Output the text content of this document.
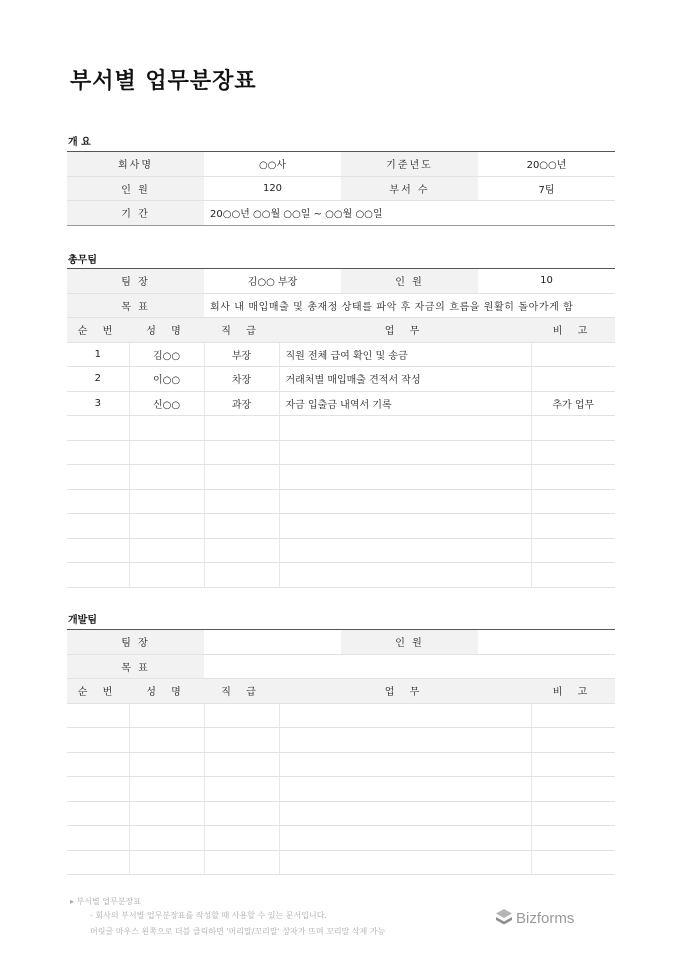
부서별 업무분장표
개 요
회사명	○○사	기준년도	20○○년
인 원	120	부서 수	7팀
기 간	20○○년 ○○월 ○○일 ~ ○○월 ○○일		
총무팀
팀 장		김○○ 부장		인 원	10	
목 표		회사 내 매입매출 및 총재정 상태를 파악 후 자금의 흐름을 원활히 돌아가게 함				
순 번	성 명	직 급	업 무			비 고
1	김○○	부장	직원 전체 급여 확인 및 송금			
2	이○○	차장	거래처별 매입매출 견적서 작성			
3	신○○	과장	자금 입출금 내역서 기록			추가 업무

개발팀
팀 장				인 원		
목 표						
순 번	성 명	직 급	업 무			비 고

▸ 부서별 업무분장표
- 회사의 부서별 업무분장표를 작성할 때 사용할 수 있는 문서입니다.
머릿글 마우스 왼쪽으로 더블 클릭하면 '머리말/꼬리말' 상자가 뜨며 꼬리말 삭제 가능
Bizforms
